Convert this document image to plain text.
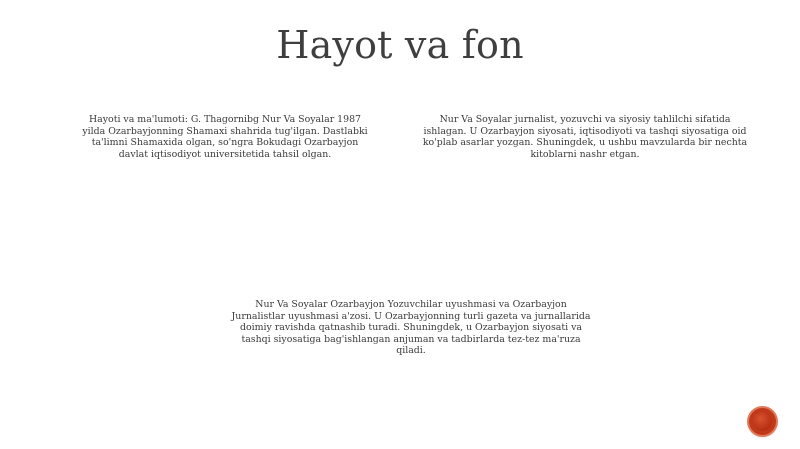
Hayot va fon
Hayoti va ma'lumoti: G. Thagornibg Nur Va Soyalar 1987 yilda Ozarbayjonning Shamaxi shahrida tug'ilgan. Dastlabki ta'limni Shamaxida olgan, so'ngra Bokudagi Ozarbayjon davlat iqtisodiyot universitetida tahsil olgan.
Nur Va Soyalar jurnalist, yozuvchi va siyosiy tahlilchi sifatida ishlagan. U Ozarbayjon siyosati, iqtisodiyoti va tashqi siyosatiga oid ko'plab asarlar yozgan. Shuningdek, u ushbu mavzularda bir nechta kitoblarni nashr etgan.
Nur Va Soyalar Ozarbayjon Yozuvchilar uyushmasi va Ozarbayjon Jurnalistlar uyushmasi a'zosi. U Ozarbayjonning turli gazeta va jurnallarida doimiy ravishda qatnashib turadi. Shuningdek, u Ozarbayjon siyosati va tashqi siyosatiga bag'ishlangan anjuman va tadbirlarda tez-tez ma'ruza qiladi.
